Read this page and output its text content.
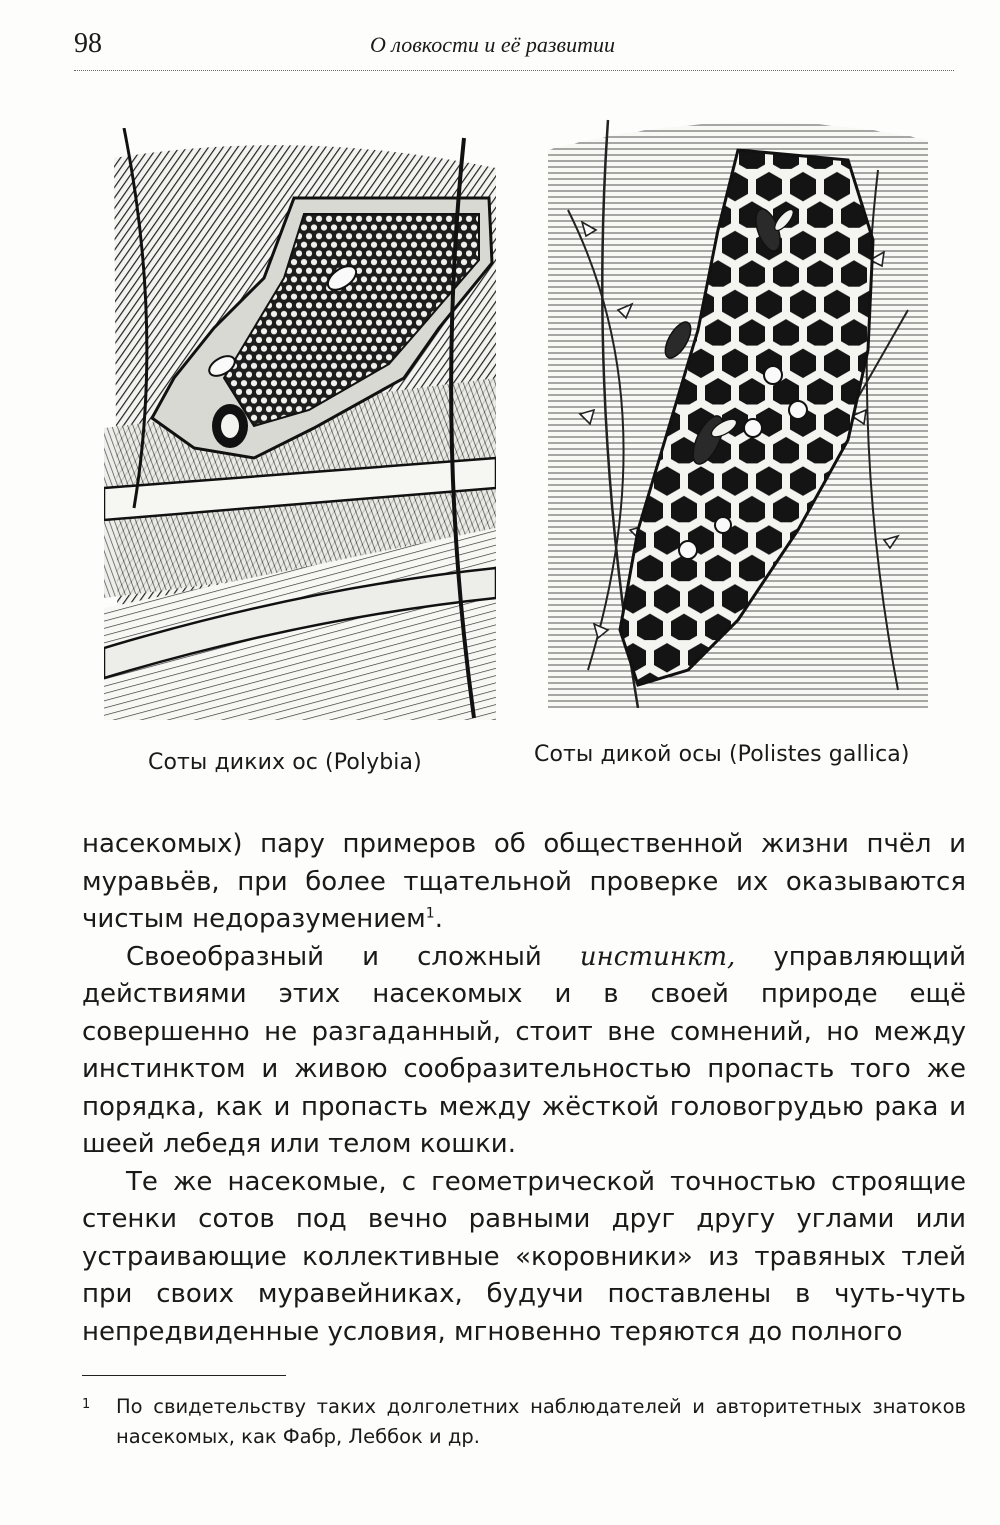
98	О ловкости и её развитии
Соты диких ос (Polybia)	Соты дикой осы (Polistes gallica)

насекомых) пару примеров об общественной жизни пчёл и муравьёв, при более тщательной проверке их оказываются чистым недоразумением$^1$.

Своеобразный и сложный инстинкт, управляющий действиями этих насекомых и в своей природе ещё совершенно не разгаданный, стоит вне сомнений, но между инстинктом и живою сообразительностью пропасть того же порядка, как и пропасть между жёсткой головогрудью рака и шеей лебедя или телом кошки.

Те же насекомые, с геометрической точностью строящие стенки сотов под вечно равными друг другу углами или устраивающие коллективные «коровники» из травяных тлей при своих муравейниках, будучи поставлены в чуть-чуть непредвиденные условия, мгновенно теряются до полного

1 По свидетельству таких долголетних наблюдателей и авторитетных знатоков насекомых, как Фабр, Леббок и др.
